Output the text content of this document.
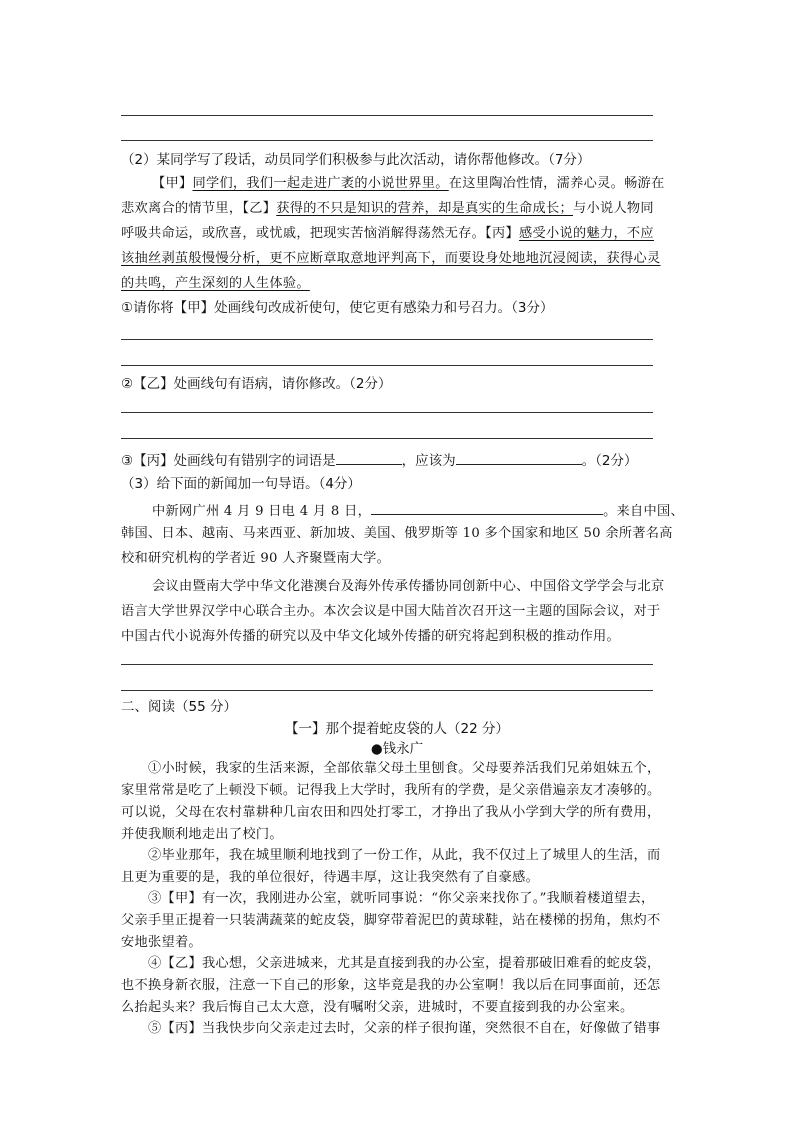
（2）某同学写了段话，动员同学们积极参与此次活动，请你帮他修改。（7分）
【甲】同学们，我们一起走进广袤的小说世界里。在这里陶冶性情，濡养心灵。畅游在
悲欢离合的情节里，【乙】获得的不只是知识的营养，却是真实的生命成长；与小说人物同
呼吸共命运，或欣喜，或忧戚，把现实苦恼消解得荡然无存。【丙】感受小说的魅力，不应
该抽丝剥茧般慢慢分析，更不应断章取意地评判高下，而要设身处地地沉浸阅读，获得心灵
的共鸣，产生深刻的人生体验。
①请你将【甲】处画线句改成祈使句，使它更有感染力和号召力。（3分）
②【乙】处画线句有语病，请你修改。（2分）
③【丙】处画线句有错别字的词语是	，应该为	。（2分）
（3）给下面的新闻加一句导语。（4分）
中新网广州 4 月 9 日电 4 月 8 日，	。来自中国、
韩国、日本、越南、马来西亚、新加坡、美国、俄罗斯等 10 多个国家和地区 50 余所著名高
校和研究机构的学者近 90 人齐聚暨南大学。
会议由暨南大学中华文化港澳台及海外传承传播协同创新中心、中国俗文学学会与北京
语言大学世界汉学中心联合主办。本次会议是中国大陆首次召开这一主题的国际会议，对于
中国古代小说海外传播的研究以及中华文化域外传播的研究将起到积极的推动作用。
二、阅读（55 分）
【一】那个提着蛇皮袋的人（22 分）
●钱永广
①小时候，我家的生活来源，全部依靠父母土里刨食。父母要养活我们兄弟姐妹五个，
家里常常是吃了上顿没下顿。记得我上大学时，我所有的学费，是父亲借遍亲友才凑够的。
可以说，父母在农村靠耕种几亩农田和四处打零工，才挣出了我从小学到大学的所有费用，
并使我顺利地走出了校门。
②毕业那年，我在城里顺利地找到了一份工作，从此，我不仅过上了城里人的生活，而
且更为重要的是，我的单位很好，待遇丰厚，这让我突然有了自豪感。
③【甲】有一次，我刚进办公室，就听同事说：“你父亲来找你了。”我顺着楼道望去，
父亲手里正提着一只装满蔬菜的蛇皮袋，脚穿带着泥巴的黄球鞋，站在楼梯的拐角，焦灼不
安地张望着。
④【乙】我心想，父亲进城来，尤其是直接到我的办公室，提着那破旧难看的蛇皮袋，
也不换身新衣服，注意一下自己的形象，这毕竟是我的办公室啊！我以后在同事面前，还怎
么抬起头来？我后悔自己太大意，没有嘱咐父亲，进城时，不要直接到我的办公室来。
⑤【丙】当我快步向父亲走过去时，父亲的样子很拘谨，突然很不自在，好像做了错事
